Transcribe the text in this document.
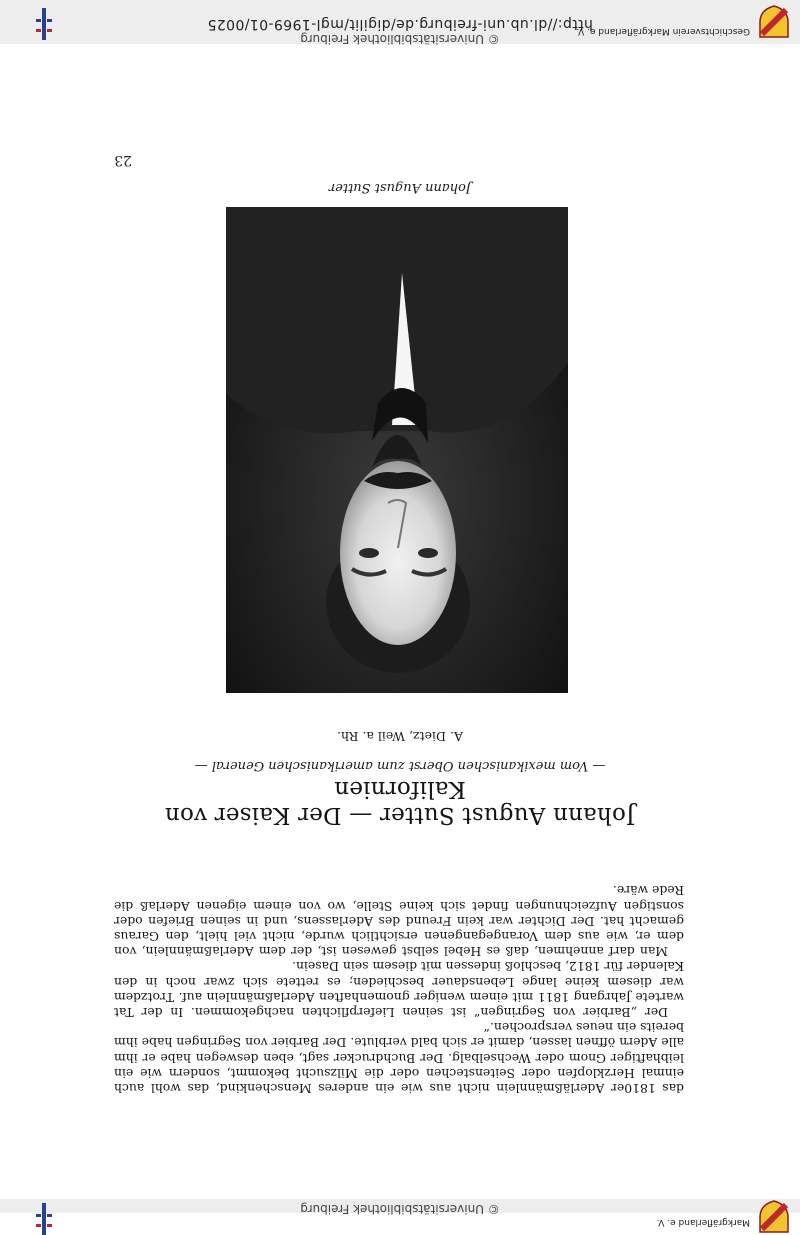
© Universitätsbibliothek Freiburg
Markgräflerland e. V.

das 1810er Aderläßmännlein nicht aus wie ein anderes Menschenkind, das wohl auch einmal Herzklopfen oder Seitenstechen oder die Milzsucht bekommt, sondern wie ein leibhaftiger Gnom oder Wechselbalg. Der Buchdrucker sagt, eben deswegen habe er ihm alle Adern öffnen lassen, damit er sich bald verblute. Der Barbier von Segringen habe ihm bereits ein neues versprochen.“

Der „Barbier von Segringen“ ist seinen Lieferpflichten nachgekommen. In der Tat wartete Jahrgang 1811 mit einem weniger gnomenhaften Aderlaßmännlein auf. Trotzdem war diesem keine lange Lebensdauer beschieden; es rettete sich zwar noch in den Kalender für 1812, beschloß indessen mit diesem sein Dasein.

Man darf annehmen, daß es Hebel selbst gewesen ist, der dem Aderlaßmännlein, von dem er, wie aus dem Vorangegangenen ersichtlich wurde, nicht viel hielt, den Garaus gemacht hat. Der Dichter war kein Freund des Aderlassens, und in seinen Briefen oder sonstigen Aufzeichnungen findet sich keine Stelle, wo von einem eigenen Aderlaß die Rede wäre.

Johann August Sutter — Der Kaiser von Kalifornien
— Vom mexikanischen Oberst zum amerikanischen General —
A. Dietz, Weil a. Rh.
Johann August Sutter
23
© Universitätsbibliothek Freiburg
http://dl.ub.uni-freiburg.de/digilit/mgl-1969-01/0025
Geschichtsverein Markgräflerland e. V.
